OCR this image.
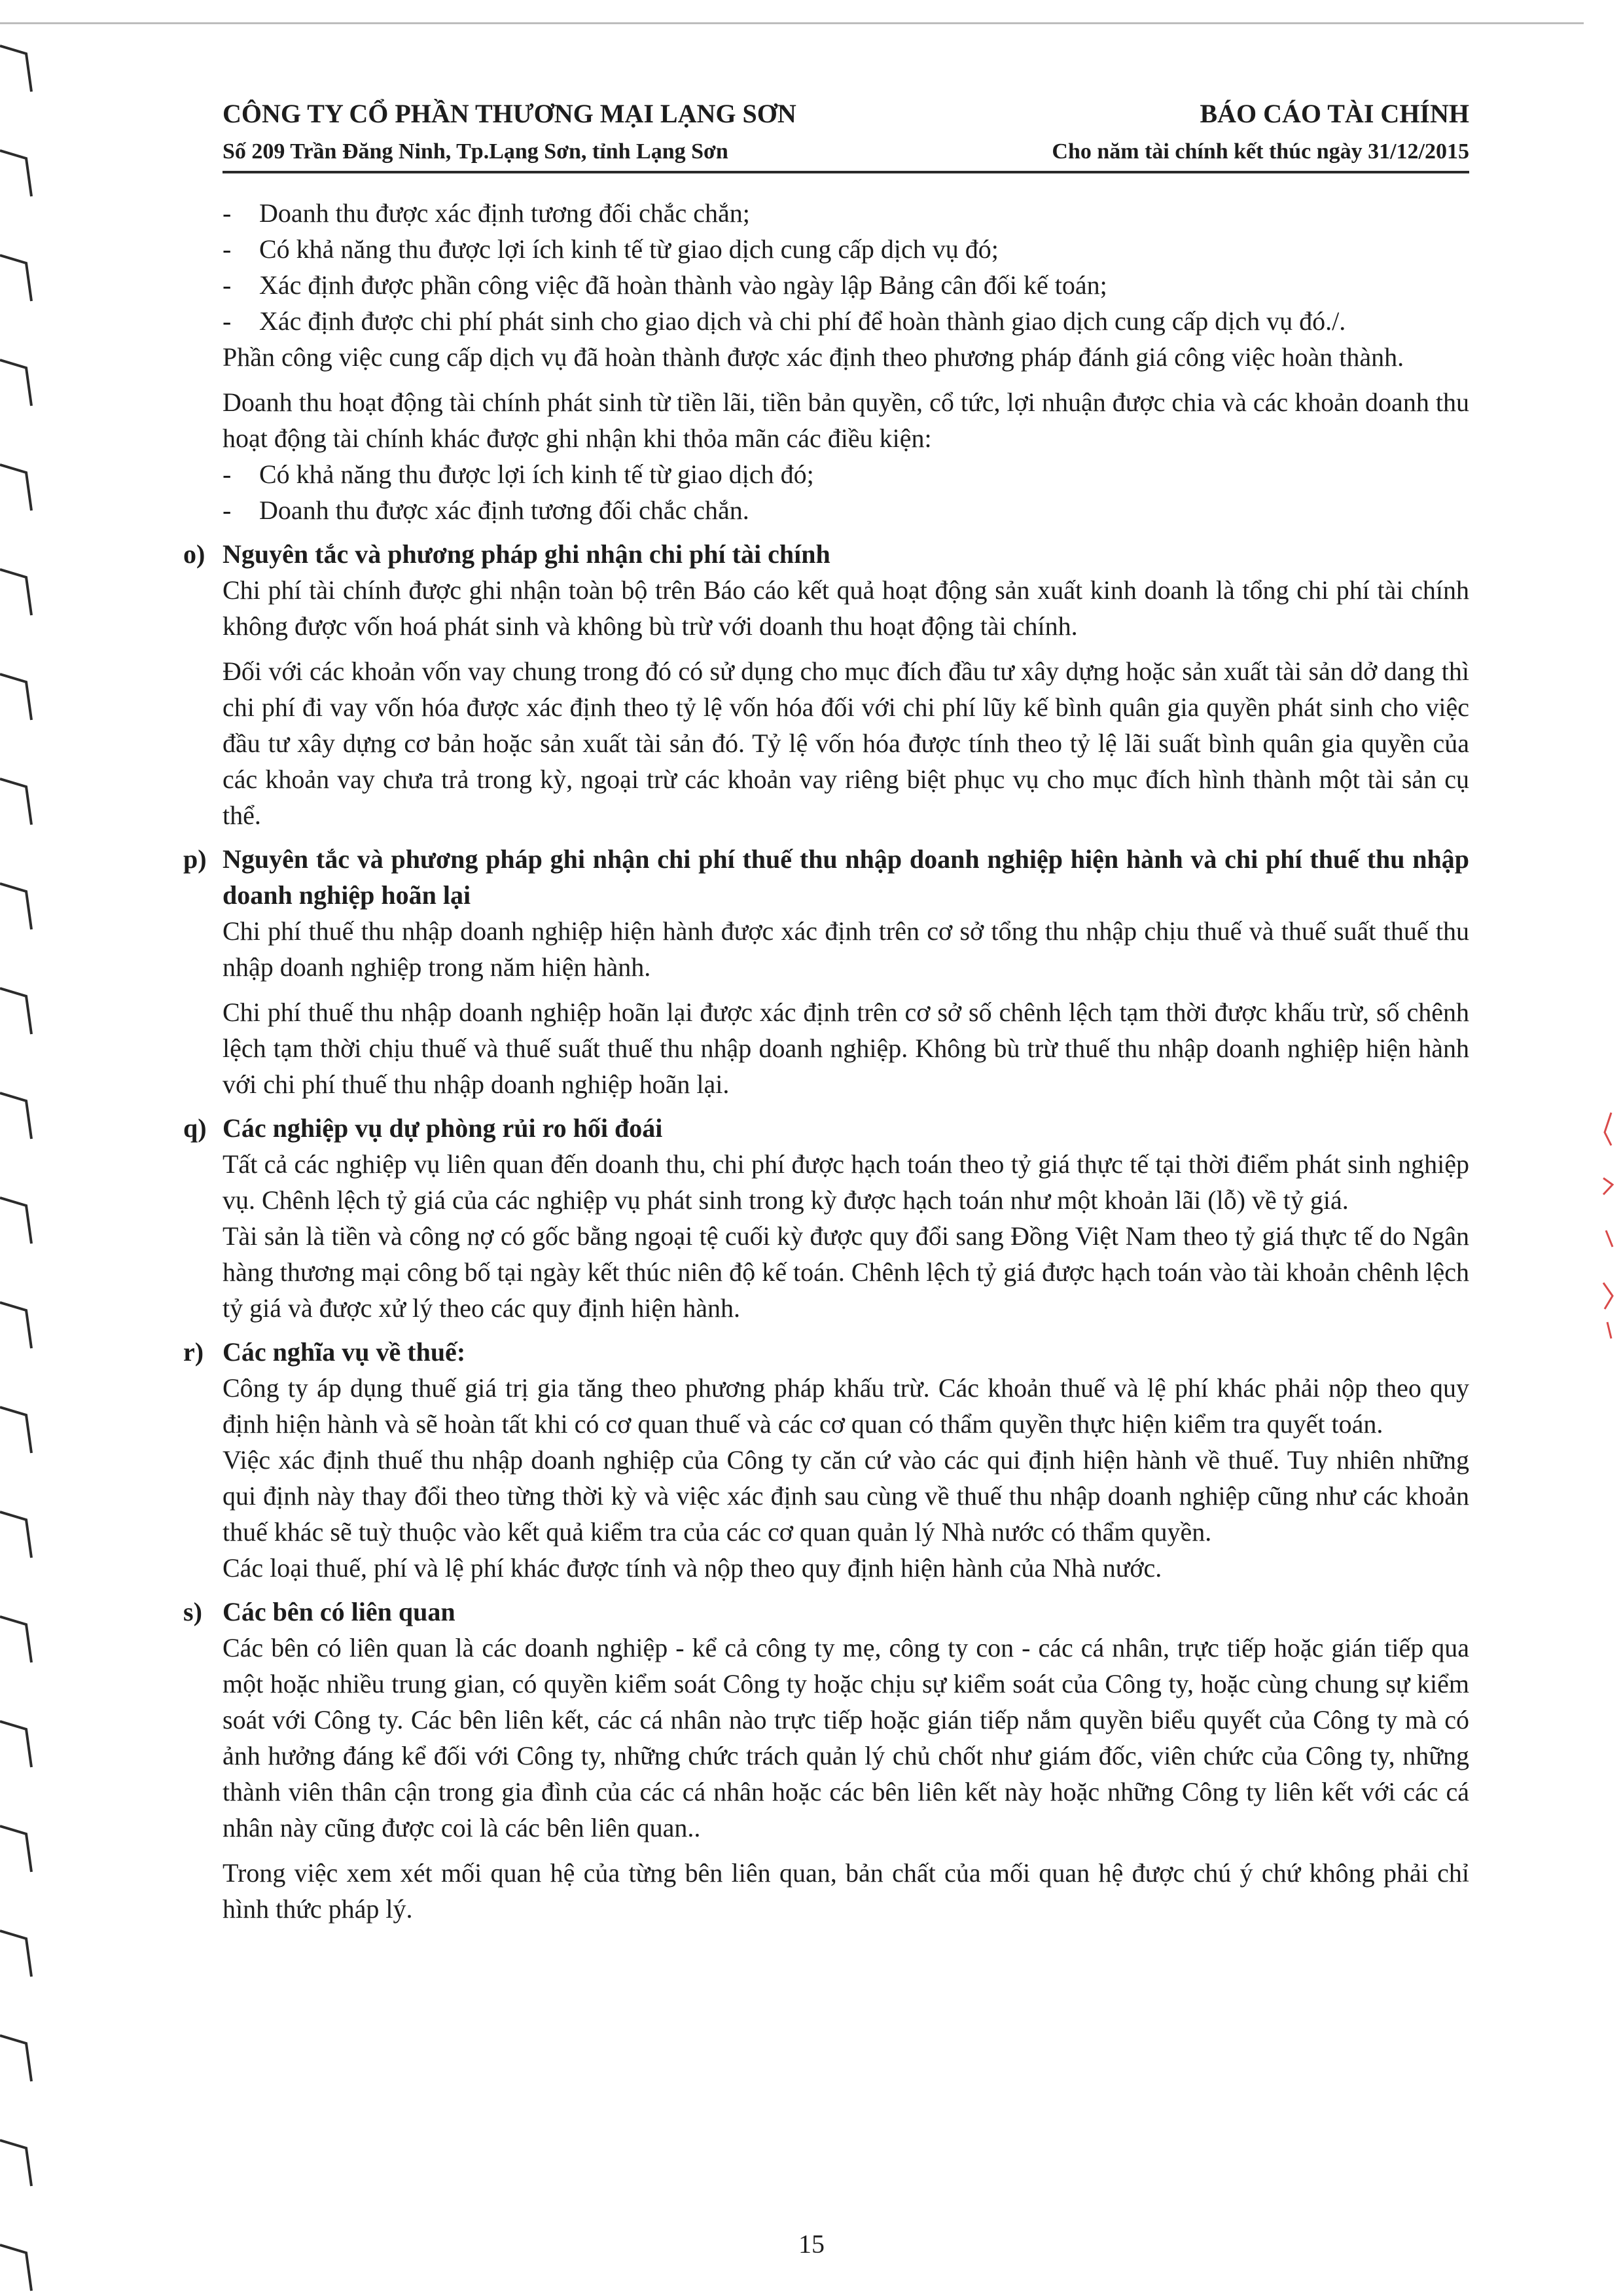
CÔNG TY CỔ PHẦN THƯƠNG MẠI LẠNG SƠN	BÁO CÁO TÀI CHÍNH
Số 209 Trần Đăng Ninh, Tp.Lạng Sơn, tỉnh Lạng Sơn	Cho năm tài chính kết thúc ngày 31/12/2015
-	Doanh thu được xác định tương đối chắc chắn;
-	Có khả năng thu được lợi ích kinh tế từ giao dịch cung cấp dịch vụ đó;
-	Xác định được phần công việc đã hoàn thành vào ngày lập Bảng cân đối kế toán;
-	Xác định được chi phí phát sinh cho giao dịch và chi phí để hoàn thành giao dịch cung cấp dịch vụ đó./.
Phần công việc cung cấp dịch vụ đã hoàn thành được xác định theo phương pháp đánh giá công việc hoàn thành.
Doanh thu hoạt động tài chính phát sinh từ tiền lãi, tiền bản quyền, cổ tức, lợi nhuận được chia và các khoản doanh thu hoạt động tài chính khác được ghi nhận khi thỏa mãn các điều kiện:
-	Có khả năng thu được lợi ích kinh tế từ giao dịch đó;
-	Doanh thu được xác định tương đối chắc chắn.
o) Nguyên tắc và phương pháp ghi nhận chi phí tài chính
Chi phí tài chính được ghi nhận toàn bộ trên Báo cáo kết quả hoạt động sản xuất kinh doanh là tổng chi phí tài chính không được vốn hoá phát sinh và không bù trừ với doanh thu hoạt động tài chính.
Đối với các khoản vốn vay chung trong đó có sử dụng cho mục đích đầu tư xây dựng hoặc sản xuất tài sản dở dang thì chi phí đi vay vốn hóa được xác định theo tỷ lệ vốn hóa đối với chi phí lũy kế bình quân gia quyền phát sinh cho việc đầu tư xây dựng cơ bản hoặc sản xuất tài sản đó. Tỷ lệ vốn hóa được tính theo tỷ lệ lãi suất bình quân gia quyền của các khoản vay chưa trả trong kỳ, ngoại trừ các khoản vay riêng biệt phục vụ cho mục đích hình thành một tài sản cụ thể.
p) Nguyên tắc và phương pháp ghi nhận chi phí thuế thu nhập doanh nghiệp hiện hành và chi phí thuế thu nhập doanh nghiệp hoãn lại
Chi phí thuế thu nhập doanh nghiệp hiện hành được xác định trên cơ sở tổng thu nhập chịu thuế và thuế suất thuế thu nhập doanh nghiệp trong năm hiện hành.
Chi phí thuế thu nhập doanh nghiệp hoãn lại được xác định trên cơ sở số chênh lệch tạm thời được khấu trừ, số chênh lệch tạm thời chịu thuế và thuế suất thuế thu nhập doanh nghiệp. Không bù trừ thuế thu nhập doanh nghiệp hiện hành với chi phí thuế thu nhập doanh nghiệp hoãn lại.
q) Các nghiệp vụ dự phòng rủi ro hối đoái
Tất cả các nghiệp vụ liên quan đến doanh thu, chi phí được hạch toán theo tỷ giá thực tế tại thời điểm phát sinh nghiệp vụ. Chênh lệch tỷ giá của các nghiệp vụ phát sinh trong kỳ được hạch toán như một khoản lãi (lỗ) về tỷ giá.
Tài sản là tiền và công nợ có gốc bằng ngoại tệ cuối kỳ được quy đổi sang Đồng Việt Nam theo tỷ giá thực tế do Ngân hàng thương mại công bố tại ngày kết thúc niên độ kế toán. Chênh lệch tỷ giá được hạch toán vào tài khoản chênh lệch tỷ giá và được xử lý theo các quy định hiện hành.
r) Các nghĩa vụ về thuế:
Công ty áp dụng thuế giá trị gia tăng theo phương pháp khấu trừ. Các khoản thuế và lệ phí khác phải nộp theo quy định hiện hành và sẽ hoàn tất khi có cơ quan thuế và các cơ quan có thẩm quyền thực hiện kiểm tra quyết toán.
Việc xác định thuế thu nhập doanh nghiệp của Công ty căn cứ vào các qui định hiện hành về thuế. Tuy nhiên những qui định này thay đổi theo từng thời kỳ và việc xác định sau cùng về thuế thu nhập doanh nghiệp cũng như các khoản thuế khác sẽ tuỳ thuộc vào kết quả kiểm tra của các cơ quan quản lý Nhà nước có thẩm quyền.
Các loại thuế, phí và lệ phí khác được tính và nộp theo quy định hiện hành của Nhà nước.
s) Các bên có liên quan
Các bên có liên quan là các doanh nghiệp - kể cả công ty mẹ, công ty con - các cá nhân, trực tiếp hoặc gián tiếp qua một hoặc nhiều trung gian, có quyền kiểm soát Công ty hoặc chịu sự kiểm soát của Công ty, hoặc cùng chung sự kiểm soát với Công ty. Các bên liên kết, các cá nhân nào trực tiếp hoặc gián tiếp nắm quyền biểu quyết của Công ty mà có ảnh hưởng đáng kể đối với Công ty, những chức trách quản lý chủ chốt như giám đốc, viên chức của Công ty, những thành viên thân cận trong gia đình của các cá nhân hoặc các bên liên kết này hoặc những Công ty liên kết với các cá nhân này cũng được coi là các bên liên quan..
Trong việc xem xét mối quan hệ của từng bên liên quan, bản chất của mối quan hệ được chú ý chứ không phải chỉ hình thức pháp lý.
15
